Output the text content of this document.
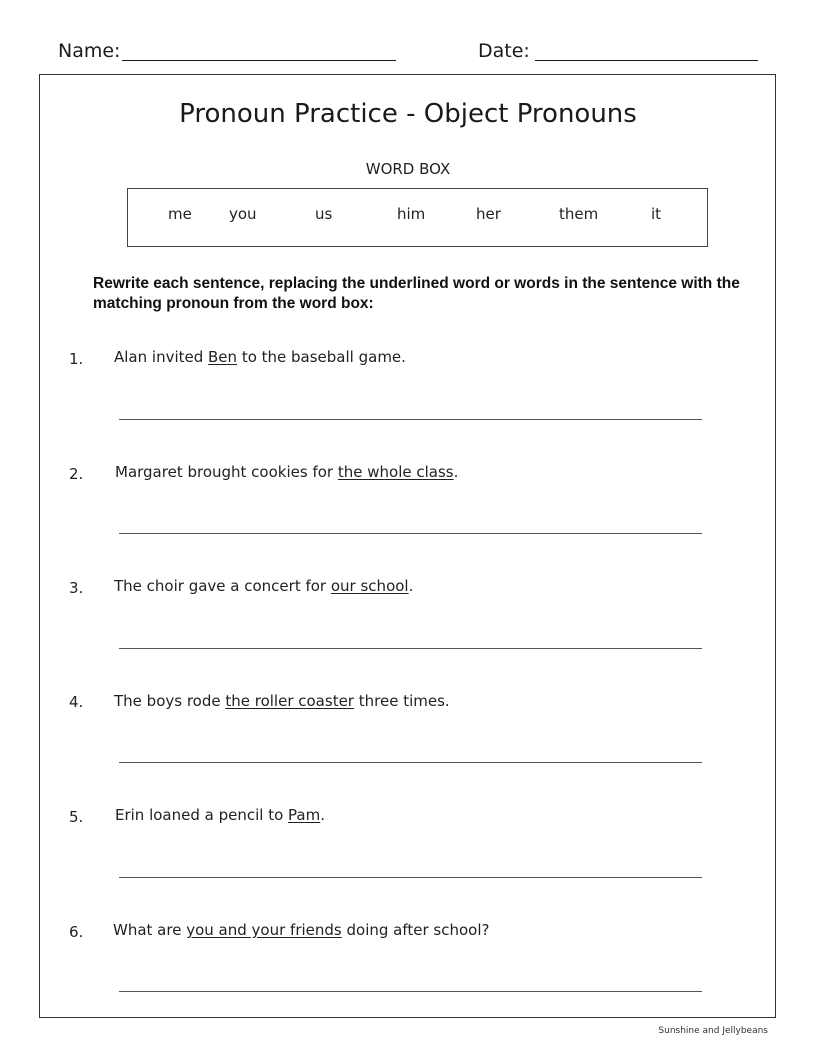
Name:	Date:
Pronoun Practice - Object Pronouns
WORD BOX
me you	us	him	her	them	it
Rewrite each sentence, replacing the underlined word or words in the sentence with the matching pronoun from the word box:
1. Alan invited Ben to the baseball game.
2. Margaret brought cookies for the whole class.
3. The choir gave a concert for our school.
4. The boys rode the roller coaster three times.
5. Erin loaned a pencil to Pam.
6. What are you and your friends doing after school?
Sunshine and Jellybeans
